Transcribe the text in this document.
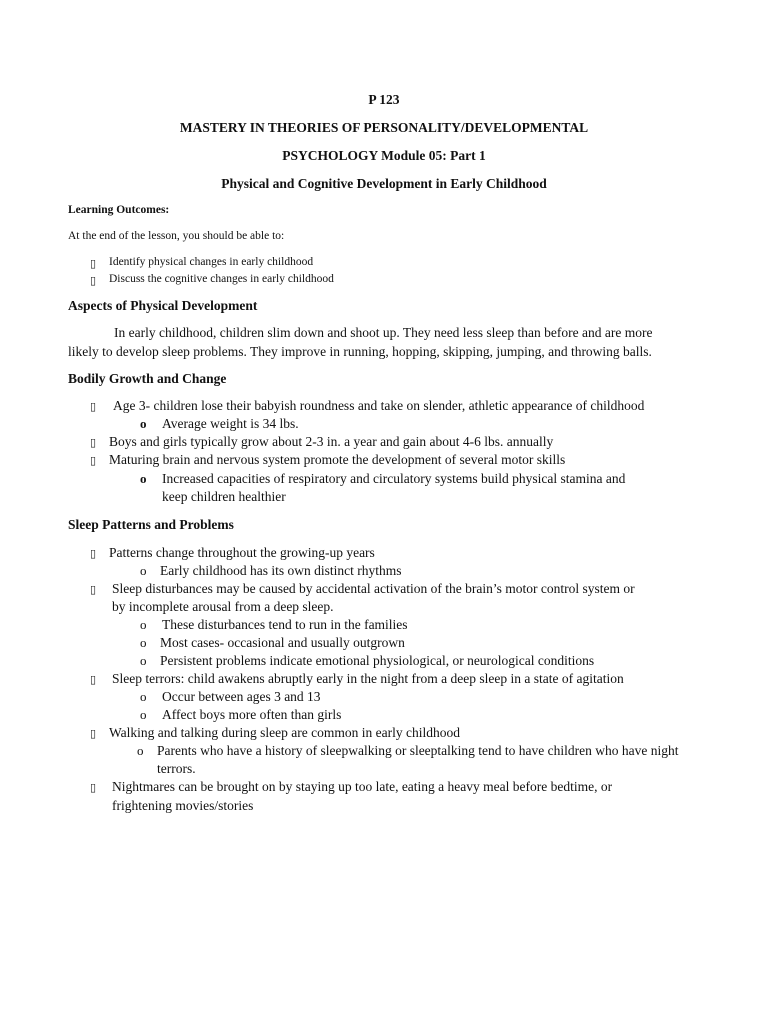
P 123
MASTERY IN THEORIES OF PERSONALITY/DEVELOPMENTAL
PSYCHOLOGY Module 05: Part 1
Physical and Cognitive Development in Early Childhood
Learning Outcomes:
At the end of the lesson, you should be able to:
▯ Identify physical changes in early childhood
▯ Discuss the cognitive changes in early childhood
Aspects of Physical Development
In early childhood, children slim down and shoot up. They need less sleep than before and are more
likely to develop sleep problems. They improve in running, hopping, skipping, jumping, and throwing balls.
Bodily Growth and Change
▯ Age 3- children lose their babyish roundness and take on slender, athletic appearance of childhood
o Average weight is 34 lbs.
▯ Boys and girls typically grow about 2-3 in. a year and gain about 4-6 lbs. annually
▯ Maturing brain and nervous system promote the development of several motor skills
o Increased capacities of respiratory and circulatory systems build physical stamina and
keep children healthier
Sleep Patterns and Problems
▯ Patterns change throughout the growing-up years
o Early childhood has its own distinct rhythms
▯ Sleep disturbances may be caused by accidental activation of the brain’s motor control system or
by incomplete arousal from a deep sleep.
o These disturbances tend to run in the families
o Most cases- occasional and usually outgrown
o Persistent problems indicate emotional physiological, or neurological conditions
▯ Sleep terrors: child awakens abruptly early in the night from a deep sleep in a state of agitation
o Occur between ages 3 and 13
o Affect boys more often than girls
▯ Walking and talking during sleep are common in early childhood
o Parents who have a history of sleepwalking or sleeptalking tend to have children who have night
terrors.
▯ Nightmares can be brought on by staying up too late, eating a heavy meal before bedtime, or
frightening movies/stories
